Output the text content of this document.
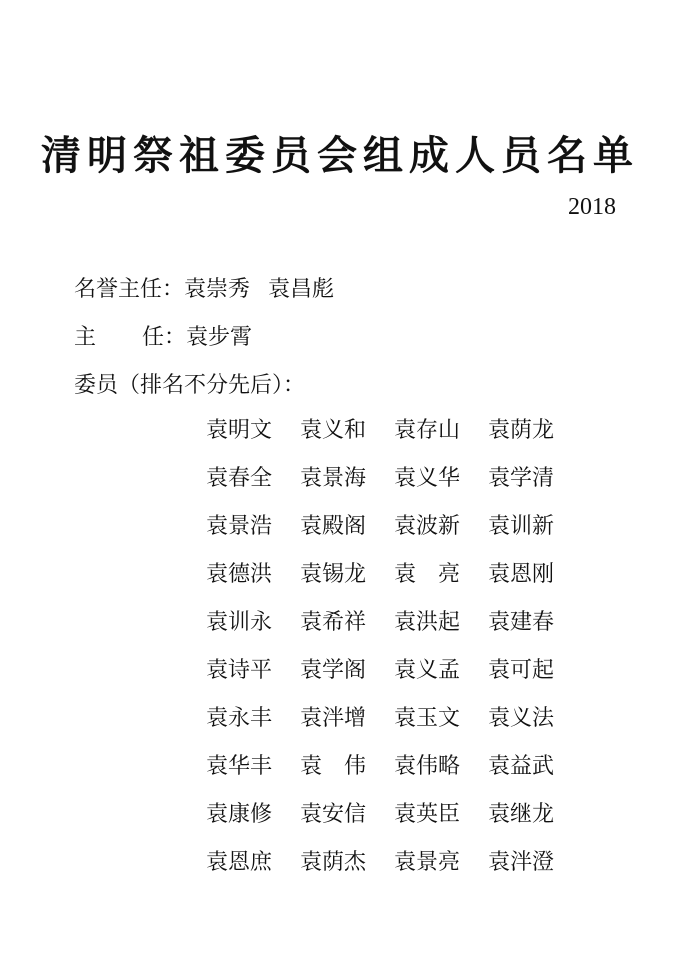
清明祭祖委员会组成人员名单
2018
名誉主任：袁崇秀 袁昌彪
主 任：袁步霄
委员（排名不分先后）：
袁明文 袁义和 袁存山 袁荫龙
袁春全 袁景海 袁义华 袁学清
袁景浩 袁殿阁 袁波新 袁训新
袁德洪 袁锡龙 袁　亮 袁恩刚
袁训永 袁希祥 袁洪起 袁建春
袁诗平 袁学阁 袁义孟 袁可起
袁永丰 袁泮增 袁玉文 袁义法
袁华丰 袁　伟 袁伟略 袁益武
袁康修 袁安信 袁英臣 袁继龙
袁恩庶 袁荫杰 袁景亮 袁泮澄
